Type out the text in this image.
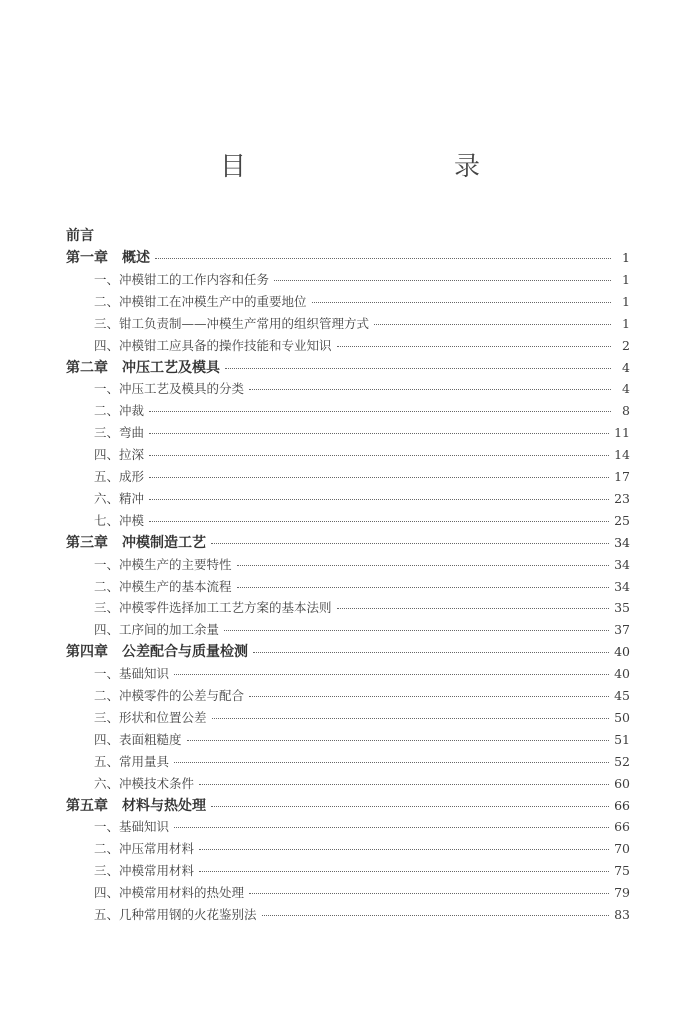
目　　录
前言
第一章 概述	1
一、 冲模钳工的工作内容和任务	1
二、 冲模钳工在冲模生产中的重要地位	1
三、 钳工负责制——冲模生产常用的组织管理方式	1
四、 冲模钳工应具备的操作技能和专业知识	2
第二章 冲压工艺及模具	4
一、 冲压工艺及模具的分类	4
二、 冲裁	8
三、 弯曲	11
四、 拉深	14
五、 成形	17
六、 精冲	23
七、 冲模	25
第三章 冲模制造工艺	34
一、 冲模生产的主要特性	34
二、 冲模生产的基本流程	34
三、 冲模零件选择加工工艺方案的基本法则	35
四、 工序间的加工余量	37
第四章 公差配合与质量检测	40
一、 基础知识	40
二、 冲模零件的公差与配合	45
三、 形状和位置公差	50
四、 表面粗糙度	51
五、 常用量具	52
六、 冲模技术条件	60
第五章 材料与热处理	66
一、 基础知识	66
二、 冲压常用材料	70
三、 冲模常用材料	75
四、 冲模常用材料的热处理	79
五、 几种常用钢的火花鉴别法	83
